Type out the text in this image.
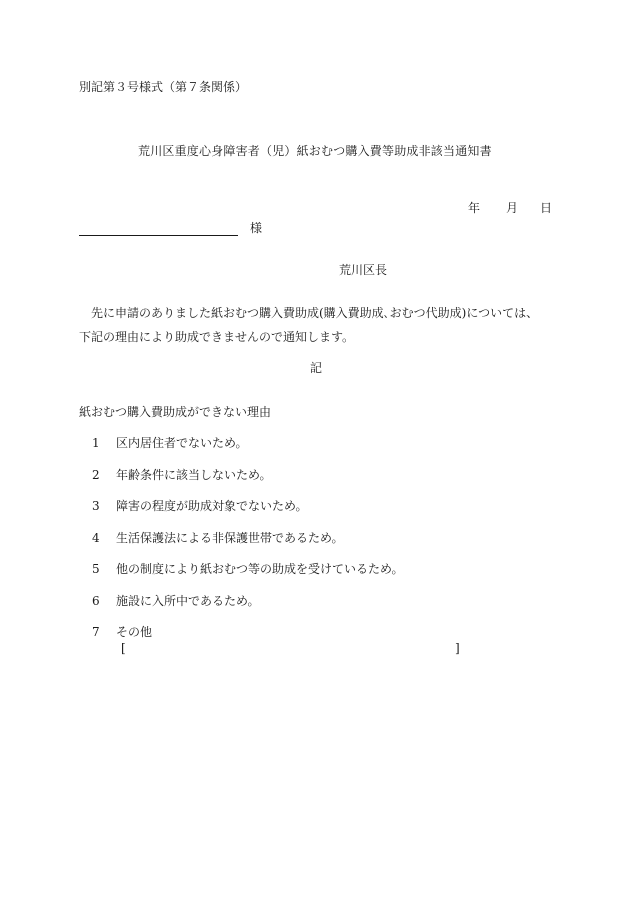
別記第３号様式（第７条関係）
荒川区重度心身障害者（児）紙おむつ購入費等助成非該当通知書
年 月 日
様
荒川区長

　先に申請のありました紙おむつ購入費助成(購入費助成､おむつ代助成)については、

下記の理由により助成できませんので通知します。

記
紙おむつ購入費助成ができない理由
1 区内居住者でないため。
2 年齢条件に該当しないため。
3 障害の程度が助成対象でないため。
4 生活保護法による非保護世帯であるため。
5 他の制度により紙おむつ等の助成を受けているため。
6 施設に入所中であるため。
7 その他
[	]
